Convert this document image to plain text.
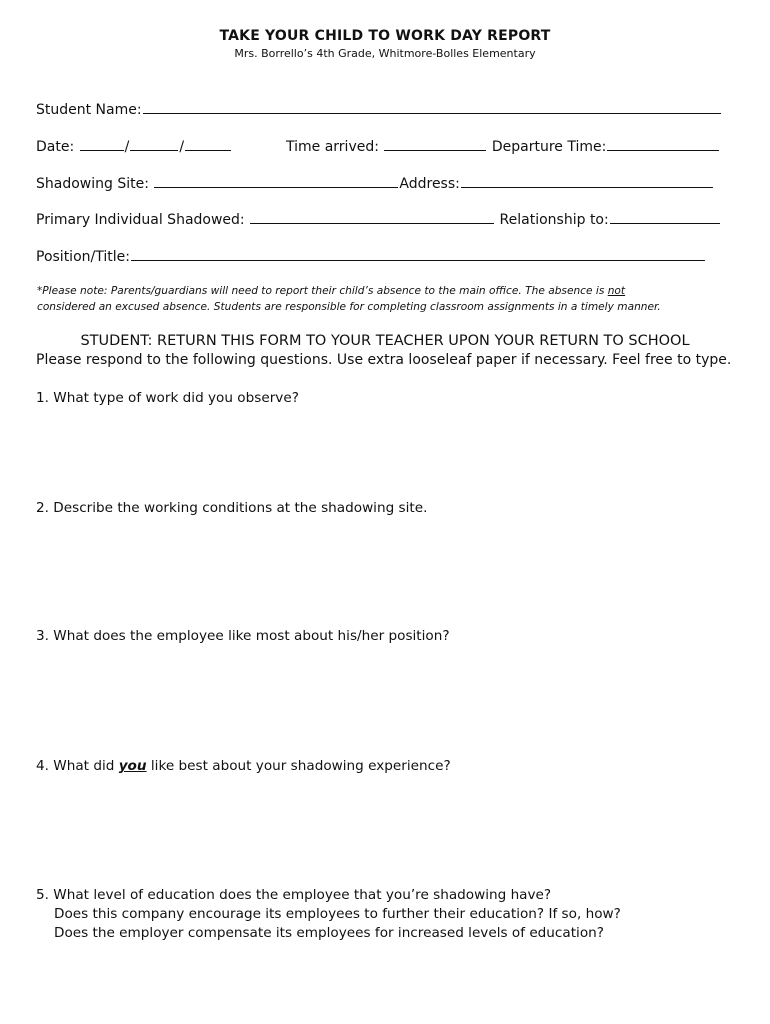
TAKE YOUR CHILD TO WORK DAY REPORT
Mrs. Borrello’s 4th Grade, Whitmore-Bolles Elementary
Student Name:
Date:	/	/	Time arrived:	Departure Time:
Shadowing Site:	Address:
Primary Individual Shadowed:	Relationship to:
Position/Title:
*Please note: Parents/guardians will need to report their child’s absence to the main office. The absence is not
considered an excused absence. Students are responsible for completing classroom assignments in a timely manner.
STUDENT: RETURN THIS FORM TO YOUR TEACHER UPON YOUR RETURN TO SCHOOL
Please respond to the following questions. Use extra looseleaf paper if necessary. Feel free to type.
1. What type of work did you observe?
2. Describe the working conditions at the shadowing site.
3. What does the employee like most about his/her position?
4. What did you like best about your shadowing experience?
5. What level of education does the employee that you’re shadowing have?
Does this company encourage its employees to further their education? If so, how?
Does the employer compensate its employees for increased levels of education?
